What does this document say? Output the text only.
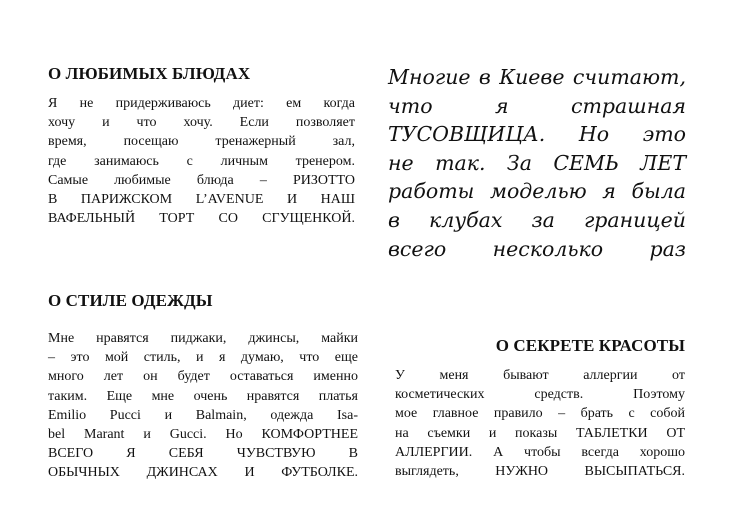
О ЛЮБИМЫХ БЛЮДАХ

Я не придерживаюсь диет: ем когда
хочу и что хочу. Если позволяет
время, посещаю тренажерный зал,
где занимаюсь с личным тренером.
Самые любимые блюда – РИЗОТТО
В ПАРИЖСКОМ L’AVENUE И НАШ
ВАФЕЛЬНЫЙ ТОРТ СО СГУЩЕНКОЙ.

О СТИЛЕ ОДЕЖДЫ

Мне нравятся пиджаки, джинсы, майки
– это мой стиль, и я думаю, что еще
много лет он будет оставаться именно
таким. Еще мне очень нравятся платья
Emilio Pucci и Balmain, одежда Isa-
bel Marant и Gucci. Но КОМФОРТНЕЕ
ВСЕГО Я СЕБЯ ЧУВСТВУЮ В
ОБЫЧНЫХ ДЖИНСАХ И ФУТБОЛКЕ.

Многие в Киеве считают,
что я страшная
ТУСОВЩИЦА. Но это
не так. За СЕМЬ ЛЕТ
работы моделью я была
в клубах за границей
всего несколько раз
О СЕКРЕТЕ КРАСОТЫ

У меня бывают аллергии от
косметических средств. Поэтому
мое главное правило – брать с собой
на съемки и показы ТАБЛЕТКИ ОТ
АЛЛЕРГИИ. А чтобы всегда хорошо
выглядеть, НУЖНО ВЫСЫПАТЬСЯ.
